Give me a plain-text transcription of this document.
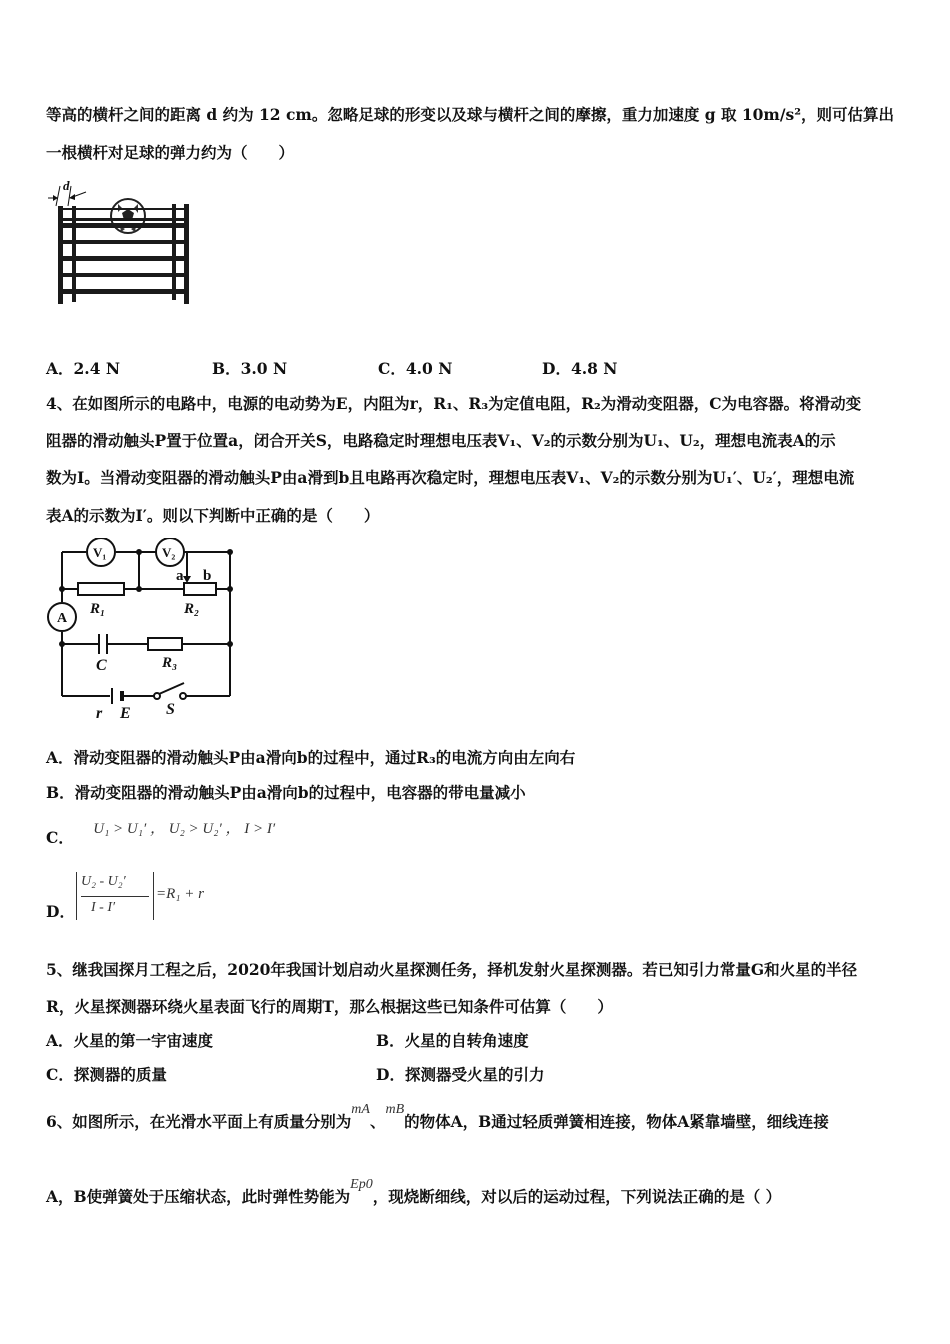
等高的横杆之间的距离 d 约为 12 cm。忽略足球的形变以及球与横杆之间的摩擦，重力加速度 g 取 10m/s²，则可估算出
一根横杆对足球的弹力约为（　　）
d
A．2.4 N	B．3.0 N	C．4.0 N	D．4.8 N
4、在如图所示的电路中，电源的电动势为E，内阻为r，R₁、R₃为定值电阻，R₂为滑动变阻器，C为电容器。将滑动变
阻器的滑动触头P置于位置a，闭合开关S，电路稳定时理想电压表V₁、V₂的示数分别为U₁、U₂，理想电流表A的示
数为I。当滑动变阻器的滑动触头P由a滑到b且电路再次稳定时，理想电压表V₁、V₂的示数分别为U₁′、U₂′，理想电流
表A的示数为I′。则以下判断中正确的是（　　）
V₁	V₂
a b
A
R₁	R₂
C	R₃
r E S
A．滑动变阻器的滑动触头P由a滑向b的过程中，通过R₃的电流方向由左向右
B．滑动变阻器的滑动触头P由a滑向b的过程中，电容器的带电量减小
C． U₁ > U₁′ ， U₂ > U₂′ ， I > I′
D．
U₂ - U₂′
I - I′
=R₁ + r
5、继我国探月工程之后，2020年我国计划启动火星探测任务，择机发射火星探测器。若已知引力常量G和火星的半径
R，火星探测器环绕火星表面飞行的周期T，那么根据这些已知条件可估算（　　）
A．火星的第一宇宙速度	B．火星的自转角速度
C．探测器的质量	D．探测器受火星的引力
6、如图所示，在光滑水平面上有质量分别为mA、mB的物体A，B通过轻质弹簧相连接，物体A紧靠墙壁，细线连接
A，B使弹簧处于压缩状态，此时弹性势能为Ep0，现烧断细线，对以后的运动过程，下列说法正确的是（ ）
